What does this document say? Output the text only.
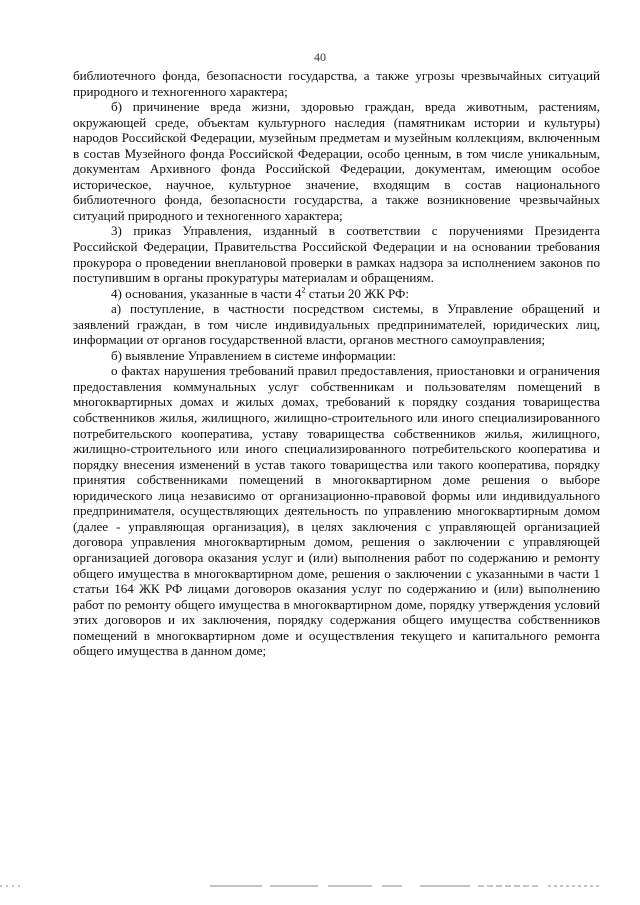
40

библиотечного фонда, безопасности государства, а также угрозы чрезвычайных ситуаций природного и техногенного характера;

б) причинение вреда жизни, здоровью граждан, вреда животным, растениям, окружающей среде, объектам культурного наследия (памятникам истории и культуры) народов Российской Федерации, музейным предметам и музейным коллекциям, включенным в состав Музейного фонда Российской Федерации, особо ценным, в том числе уникальным, документам Архивного фонда Российской Федерации, документам, имеющим особое историческое, научное, культурное значение, входящим в состав национального библиотечного фонда, безопасности государства, а также возникновение чрезвычайных ситуаций природного и техногенного характера;

3) приказ Управления, изданный в соответствии с поручениями Президента Российской Федерации, Правительства Российской Федерации и на основании требования прокурора о проведении внеплановой проверки в рамках надзора за исполнением законов по поступившим в органы прокуратуры материалам и обращениям.

4) основания, указанные в части $4^2$ статьи 20 ЖК РФ:

а) поступление, в частности посредством системы, в Управление обращений и заявлений граждан, в том числе индивидуальных предпринимателей, юридических лиц, информации от органов государственной власти, органов местного самоуправления;

б) выявление Управлением в системе информации:

о фактах нарушения требований правил предоставления, приостановки и ограничения предоставления коммунальных услуг собственникам и пользователям помещений в многоквартирных домах и жилых домах, требований к порядку создания товарищества собственников жилья, жилищного, жилищно-строительного или иного специализированного потребительского кооператива, уставу товарищества собственников жилья, жилищного, жилищно-строительного или иного специализированного потребительского кооператива и порядку внесения изменений в устав такого товарищества или такого кооператива, порядку принятия собственниками помещений в многоквартирном доме решения о выборе юридического лица независимо от организационно-правовой формы или индивидуального предпринимателя, осуществляющих деятельность по управлению многоквартирным домом (далее - управляющая организация), в целях заключения с управляющей организацией договора управления многоквартирным домом, решения о заключении с управляющей организацией договора оказания услуг и (или) выполнения работ по содержанию и ремонту общего имущества в многоквартирном доме, решения о заключении с указанными в части 1 статьи 164 ЖК РФ лицами договоров оказания услуг по содержанию и (или) выполнению работ по ремонту общего имущества в многоквартирном доме, порядку утверждения условий этих договоров и их заключения, порядку содержания общего имущества собственников помещений в многоквартирном доме и осуществления текущего и капитального ремонта общего имущества в данном доме;
